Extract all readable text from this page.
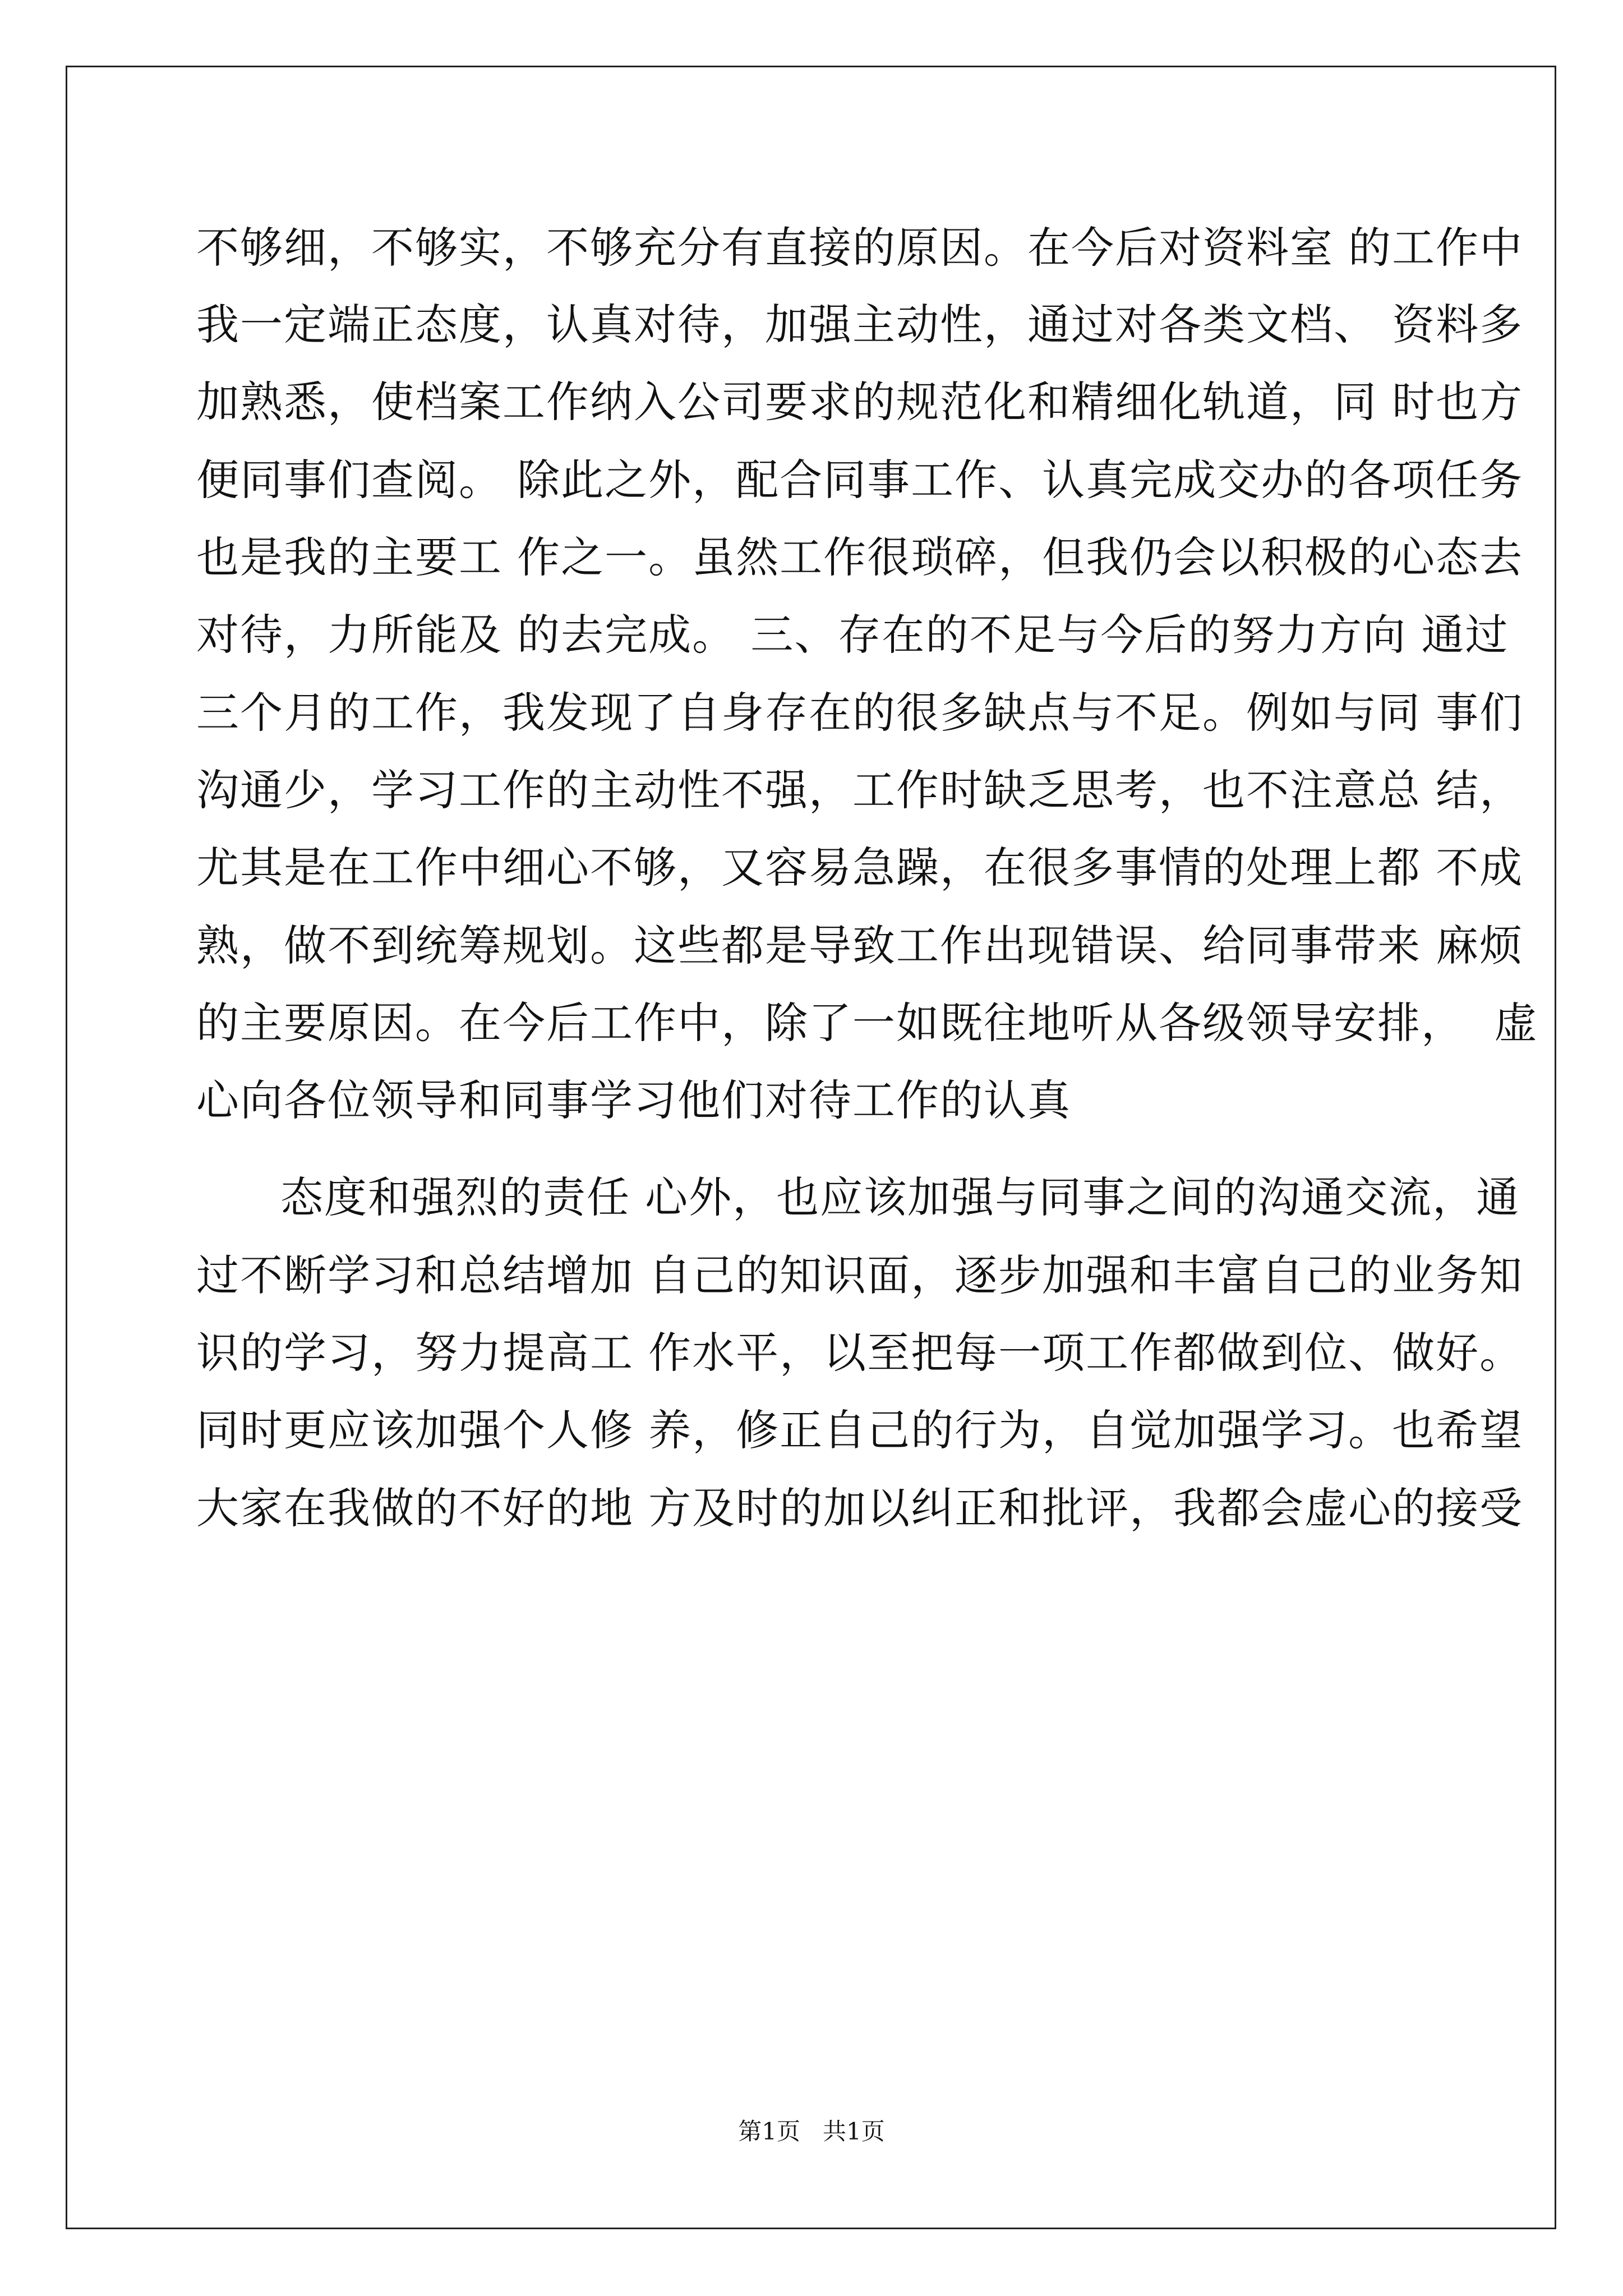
不够细，不够实，不够充分有直接的原因。在今后对资料室 的工作中
我一定端正态度，认真对待，加强主动性，通过对各类文档、 资料多
加熟悉，使档案工作纳入公司要求的规范化和精细化轨道，同 时也方
便同事们查阅。 除此之外，配合同事工作、认真完成交办的各项任务
也是我的主要工 作之一。虽然工作很琐碎，但我仍会以积极的心态去
对待，力所能及 的去完成。 三、存在的不足与今后的努力方向 通过
三个月的工作，我发现了自身存在的很多缺点与不足。例如与同 事们
沟通少，学习工作的主动性不强，工作时缺乏思考，也不注意总 结，
尤其是在工作中细心不够，又容易急躁，在很多事情的处理上都 不成
熟，做不到统筹规划。这些都是导致工作出现错误、给同事带来 麻烦
的主要原因。在今后工作中，除了一如既往地听从各级领导安排，  虚
心向各位领导和同事学习他们对待工作的认真
态度和强烈的责任 心外，也应该加强与同事之间的沟通交流，通
过不断学习和总结增加 自己的知识面，逐步加强和丰富自己的业务知
识的学习，努力提高工 作水平，以至把每一项工作都做到位、做好。
同时更应该加强个人修 养，修正自己的行为，自觉加强学习。也希望
大家在我做的不好的地 方及时的加以纠正和批评，我都会虚心的接受
第1页   共1页
